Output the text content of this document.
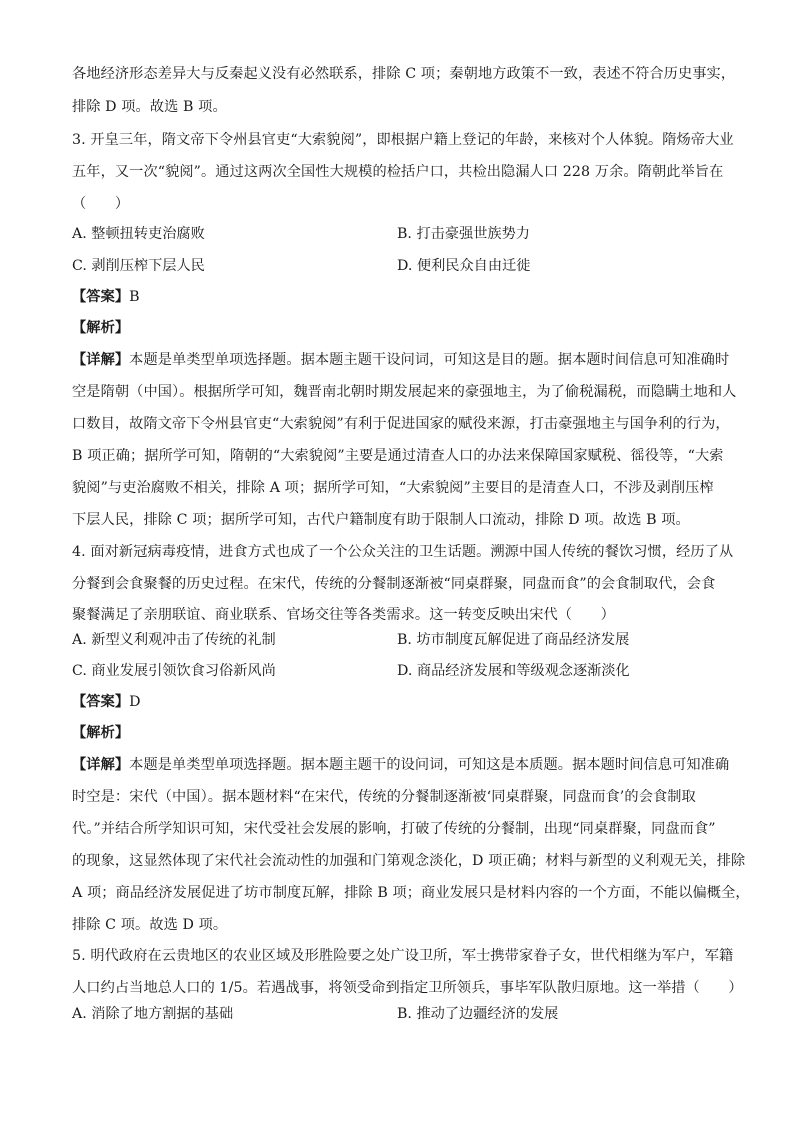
各地经济形态差异大与反秦起义没有必然联系，排除 C 项；秦朝地方政策不一致，表述不符合历史事实，
排除 D 项。故选 B 项。
3. 开皇三年，隋文帝下令州县官吏“大索貌阅”，即根据户籍上登记的年龄，来核对个人体貌。隋炀帝大业
五年，又一次“貌阅”。通过这两次全国性大规模的检括户口，共检出隐漏人口 228 万余。隋朝此举旨在
（　　）
A. 整顿扭转吏治腐败	B. 打击豪强世族势力
C. 剥削压榨下层人民	D. 便利民众自由迁徙
【答案】B
【解析】
【详解】本题是单类型单项选择题。据本题主题干设问词，可知这是目的题。据本题时间信息可知准确时
空是隋朝（中国）。根据所学可知，魏晋南北朝时期发展起来的豪强地主，为了偷税漏税，而隐瞒土地和人
口数目，故隋文帝下令州县官吏“大索貌阅”有利于促进国家的赋役来源，打击豪强地主与国争利的行为，
B 项正确；据所学可知，隋朝的“大索貌阅”主要是通过清查人口的办法来保障国家赋税、徭役等，“大索
貌阅”与吏治腐败不相关，排除 A 项；据所学可知，“大索貌阅”主要目的是清查人口，不涉及剥削压榨
下层人民，排除 C 项；据所学可知，古代户籍制度有助于限制人口流动，排除 D 项。故选 B 项。
4. 面对新冠病毒疫情，进食方式也成了一个公众关注的卫生话题。溯源中国人传统的餐饮习惯，经历了从
分餐到会食聚餐的历史过程。在宋代，传统的分餐制逐渐被“同桌群聚，同盘而食”的会食制取代，会食
聚餐满足了亲朋联谊、商业联系、官场交往等各类需求。这一转变反映出宋代（　　）
A. 新型义利观冲击了传统的礼制	B. 坊市制度瓦解促进了商品经济发展
C. 商业发展引领饮食习俗新风尚	D. 商品经济发展和等级观念逐渐淡化
【答案】D
【解析】
【详解】本题是单类型单项选择题。据本题主题干的设问词，可知这是本质题。据本题时间信息可知准确
时空是：宋代（中国）。据本题材料“在宋代，传统的分餐制逐渐被‘同桌群聚，同盘而食’的会食制取
代。”并结合所学知识可知，宋代受社会发展的影响，打破了传统的分餐制，出现“同桌群聚，同盘而食”
的现象，这显然体现了宋代社会流动性的加强和门第观念淡化，D 项正确；材料与新型的义利观无关，排除
A 项；商品经济发展促进了坊市制度瓦解，排除 B 项；商业发展只是材料内容的一个方面，不能以偏概全，
排除 C 项。故选 D 项。
5. 明代政府在云贵地区的农业区域及形胜险要之处广设卫所，军士携带家眷子女，世代相继为军户，军籍
人口约占当地总人口的 1/5。若遇战事，将领受命到指定卫所领兵，事毕军队散归原地。这一举措（　　）
A. 消除了地方割据的基础	B. 推动了边疆经济的发展
